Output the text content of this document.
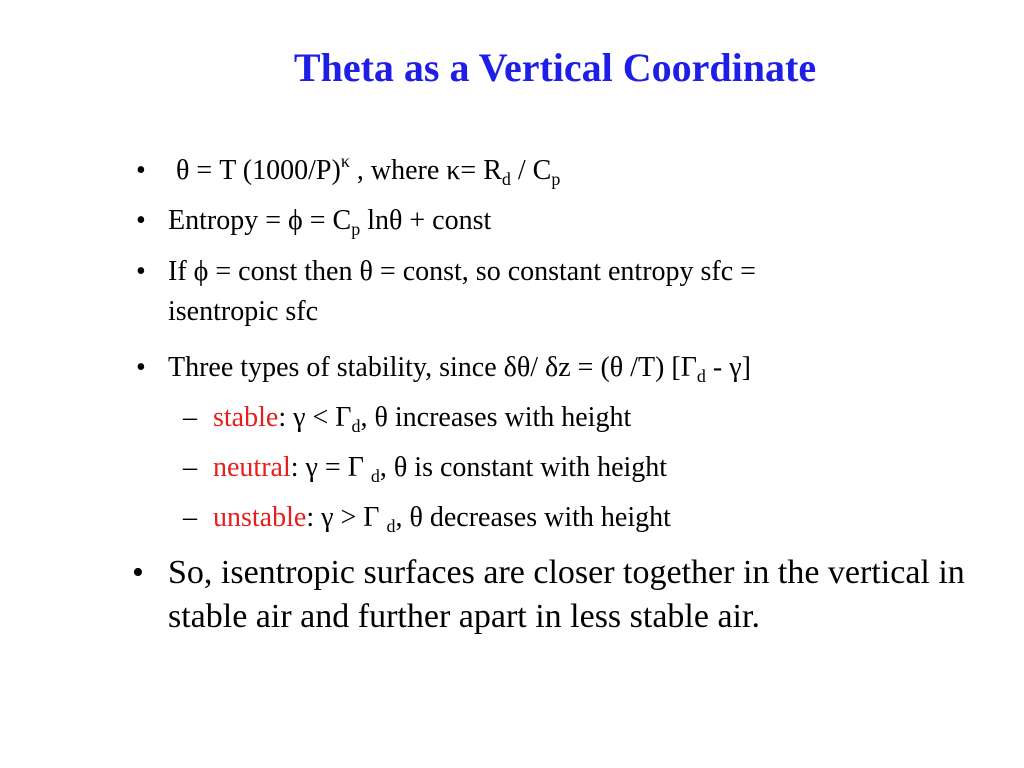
Theta as a Vertical Coordinate
• θ = T $(1000/P)^\kappa$ , where $\kappa= R_d / C_p$
• Entropy = $\phi = C_p$ lnθ + const
• If ϕ = const then θ = const, so constant entropy sfc =
isentropic sfc
• Three types of stability, since δθ/ δz = (θ /T) $[\Gamma_d - \gamma]$
– stable: $\gamma < \Gamma_d$, θ increases with height
– neutral: γ = Γ $_d$, θ is constant with height
– unstable: γ > Γ $_d$, θ decreases with height
• So, isentropic surfaces are closer together in the vertical in stable air and further apart in less stable air.
